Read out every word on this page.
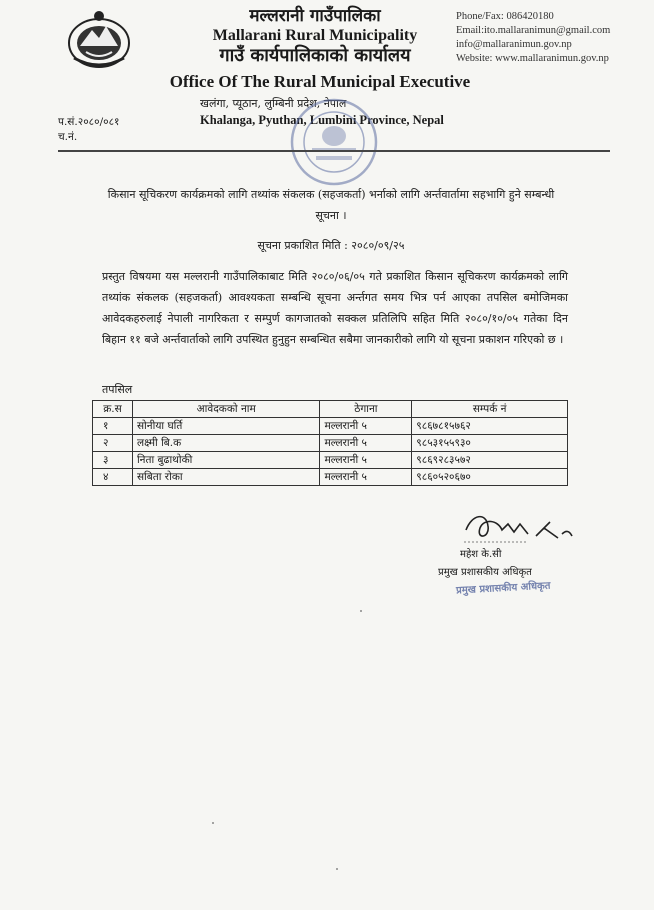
मल्लरानी गाउँपालिका
Mallarani Rural Municipality
गाउँ कार्यपालिकाको कार्यालय
Office Of The Rural Municipal Executive
Phone/Fax: 086420180
Email:ito.mallaranimun@gmail.com
info@mallaranimun.gov.np
Website: www.mallaranimun.gov.np
खलंगा, प्यूठान, लुम्बिनी प्रदेश, नेपाल
Khalanga, Pyuthan, Lumbini Province, Nepal
प.सं.२०८०/०८१
च.नं.
किसान सूचिकरण कार्यक्रमको लागि तथ्यांक संकलक (सहजकर्ता) भर्नाको लागि अर्न्तवार्तामा सहभागि हुने सम्बन्धी सूचना ।
सूचना प्रकाशित मिति : २०८०/०९/२५
प्रस्तुत विषयमा यस मल्लरानी गाउँपालिकाबाट मिति २०८०/०६/०५ गते प्रकाशित किसान सूचिकरण कार्यक्रमको लागि तथ्यांक संकलक (सहजकर्ता) आवश्यकता सम्बन्धि सूचना अर्न्तगत समय भित्र पर्न आएका तपसिल बमोजिमका आवेदकहरुलाई नेपाली नागरिकता र सम्पुर्ण कागजातको सक्कल प्रतिलिपि सहित मिति २०८०/१०/०५ गतेका दिन बिहान ११ बजे अर्न्तवार्ताको लागि उपस्थित हुनुहुन सम्बन्धित सबैमा जानकारीको लागि यो सूचना प्रकाशन गरिएको छ ।
तपसिल
क्र.स	आवेदकको नाम	ठेगाना	सम्पर्क नं
१	सोनीया घर्ति	मल्लरानी ५	९८६७८१५७६२
२	लक्ष्मी बि.क	मल्लरानी ५	९८५३१५५९३०
३	निता बुढाथोकी	मल्लरानी ५	९८६९२८३५७२
४	सबिता रोका	मल्लरानी ५	९८६०५२०६७०
महेश के.सी
प्रमुख प्रशासकीय अधिकृत
प्रमुख प्रशासकीय अधिकृत
